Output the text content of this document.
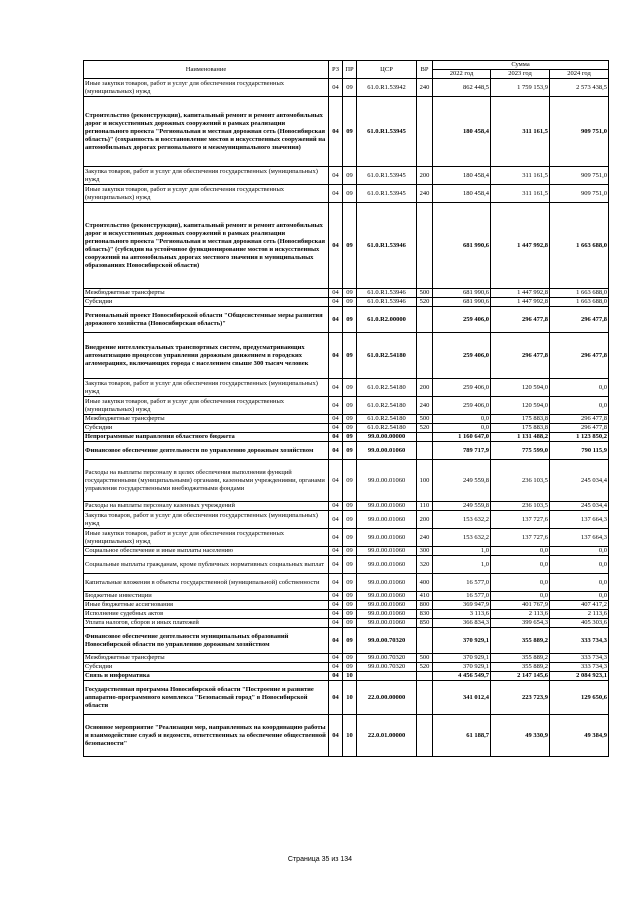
Наименование	РЗ	ПР	ЦСР	ВР	Сумма		
					2022 год	2023 год	2024 год
Иные закупки товаров, работ и услуг для обеспечения государственных (муниципальных) нужд	04	09	61.0.R1.53942	240	862 448,5	1 759 153,9	2 573 438,5
Строительство (реконструкция), капитальный ремонт и ремонт автомобильных дорог и искусственных дорожных сооружений в рамках реализации регионального проекта "Региональная и местная дорожная сеть (Новосибирская область)" (сохранность и восстановление мостов и искусственных сооружений на автомобильных дорогах регионального и межмуниципального значения)	04	09	61.0.R1.53945		180 458,4	311 161,5	909 751,0
Закупка товаров, работ и услуг для обеспечения государственных (муниципальных) нужд	04	09	61.0.R1.53945	200	180 458,4	311 161,5	909 751,0
Иные закупки товаров, работ и услуг для обеспечения государственных (муниципальных) нужд	04	09	61.0.R1.53945	240	180 458,4	311 161,5	909 751,0
Строительство (реконструкция), капитальный ремонт и ремонт автомобильных дорог и искусственных дорожных сооружений в рамках реализации регионального проекта "Региональная и местная дорожная сеть (Новосибирская область)" (субсидии на устойчивое функционирование мостов и искусственных сооружений на автомобильных дорогах местного значения в муниципальных образованиях Новосибирской области)	04	09	61.0.R1.53946		681 990,6	1 447 992,8	1 663 688,0
Межбюджетные трансферты	04	09	61.0.R1.53946	500	681 990,6	1 447 992,8	1 663 688,0
Субсидии	04	09	61.0.R1.53946	520	681 990,6	1 447 992,8	1 663 688,0
Региональный проект Новосибирской области "Общесистемные меры развития дорожного хозяйства (Новосибирская область)"	04	09	61.0.R2.00000		259 406,0	296 477,8	296 477,8
Внедрение интеллектуальных транспортных систем, предусматривающих автоматизацию процессов управления дорожным движением в городских агломерациях, включающих города с населением свыше 300 тысяч человек	04	09	61.0.R2.54180		259 406,0	296 477,8	296 477,8
Закупка товаров, работ и услуг для обеспечения государственных (муниципальных) нужд	04	09	61.0.R2.54180	200	259 406,0	120 594,0	0,0
Иные закупки товаров, работ и услуг для обеспечения государственных (муниципальных) нужд	04	09	61.0.R2.54180	240	259 406,0	120 594,0	0,0
Межбюджетные трансферты	04	09	61.0.R2.54180	500	0,0	175 883,8	296 477,8
Субсидии	04	09	61.0.R2.54180	520	0,0	175 883,8	296 477,8
Непрограммные направления областного бюджета	04	09	99.0.00.00000		1 160 647,0	1 131 488,2	1 123 850,2
Финансовое обеспечение деятельности по управлению дорожным хозяйством	04	09	99.0.00.01060		789 717,9	775 599,0	790 115,9
Расходы на выплаты персоналу в целях обеспечения выполнения функций государственными (муниципальными) органами, казенными учреждениями, органами управления государственными внебюджетными фондами	04	09	99.0.00.01060	100	249 559,8	236 103,5	245 034,4
Расходы на выплаты персоналу казенных учреждений	04	09	99.0.00.01060	110	249 559,8	236 103,5	245 034,4
Закупка товаров, работ и услуг для обеспечения государственных (муниципальных) нужд	04	09	99.0.00.01060	200	153 632,2	137 727,6	137 664,3
Иные закупки товаров, работ и услуг для обеспечения государственных (муниципальных) нужд	04	09	99.0.00.01060	240	153 632,2	137 727,6	137 664,3
Социальное обеспечение и иные выплаты населению	04	09	99.0.00.01060	300	1,0	0,0	0,0
Социальные выплаты гражданам, кроме публичных нормативных социальных выплат	04	09	99.0.00.01060	320	1,0	0,0	0,0
Капитальные вложения в объекты государственной (муниципальной) собственности	04	09	99.0.00.01060	400	16 577,0	0,0	0,0
Бюджетные инвестиции	04	09	99.0.00.01060	410	16 577,0	0,0	0,0
Иные бюджетные ассигнования	04	09	99.0.00.01060	800	369 947,9	401 767,9	407 417,2
Исполнение судебных актов	04	09	99.0.00.01060	830	3 113,6	2 113,6	2 113,6
Уплата налогов, сборов и иных платежей	04	09	99.0.00.01060	850	366 834,3	399 654,3	405 303,6
Финансовое обеспечение деятельности муниципальных образований Новосибирской области по управлению дорожным хозяйством	04	09	99.0.00.70320		370 929,1	355 889,2	333 734,3
Межбюджетные трансферты	04	09	99.0.00.70320	500	370 929,1	355 889,2	333 734,3
Субсидии	04	09	99.0.00.70320	520	370 929,1	355 889,2	333 734,3
Связь и информатика	04	10			4 456 549,7	2 147 145,6	2 084 923,1
Государственная программа Новосибирской области "Построение и развитие аппаратно-программного комплекса "Безопасный город" в Новосибирской области	04	10	22.0.00.00000		341 012,4	223 723,9	129 650,6
Основное мероприятие "Реализация мер, направленных на координацию работы и взаимодействие служб и ведомств, ответственных за обеспечение общественной безопасности"	04	10	22.0.01.00000		61 188,7	49 330,9	49 384,9
Страница 35 из 134
